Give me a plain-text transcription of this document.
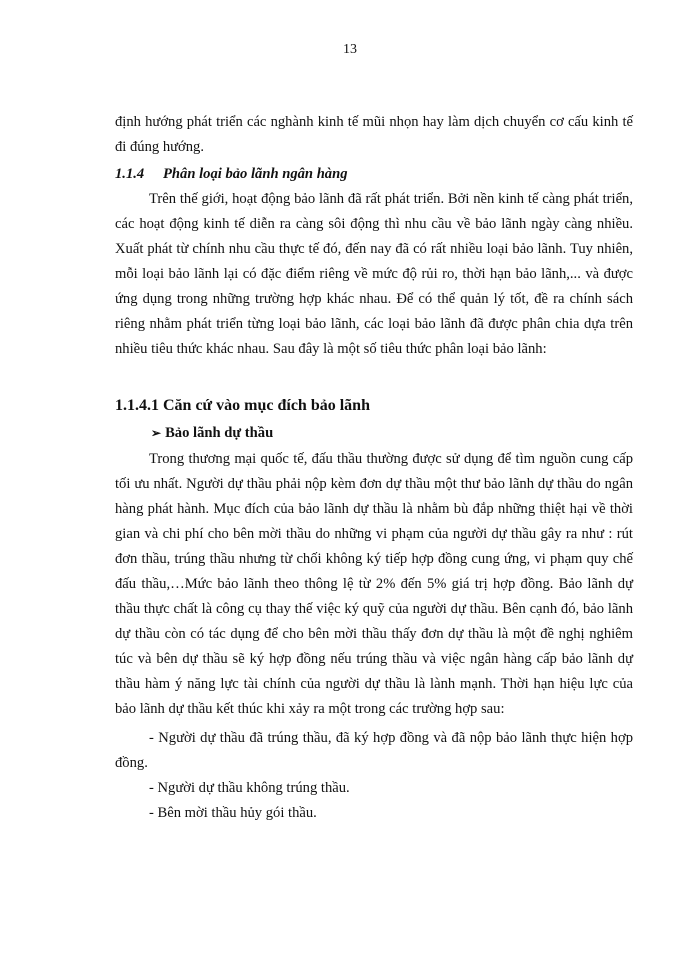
13

định hướng phát triển các nghành kinh tế mũi nhọn hay làm dịch chuyển cơ cấu kinh tế đi đúng hướng.

1.1.4 Phân loại bảo lãnh ngân hàng

Trên thế giới, hoạt động bảo lãnh đã rất phát triển. Bởi nền kinh tế càng phát triển, các hoạt động kinh tế diễn ra càng sôi động thì nhu cầu về bảo lãnh ngày càng nhiều. Xuất phát từ chính nhu cầu thực tế đó, đến nay đã có rất nhiều loại bảo lãnh. Tuy nhiên, mỗi loại bảo lãnh lại có đặc điểm riêng về mức độ rủi ro, thời hạn bảo lãnh,... và được ứng dụng trong những trường hợp khác nhau. Để có thể quản lý tốt, đề ra chính sách riêng nhằm phát triển từng loại bảo lãnh, các loại bảo lãnh đã được phân chia dựa trên nhiều tiêu thức khác nhau. Sau đây là một số tiêu thức phân loại bảo lãnh:

1.1.4.1 Căn cứ vào mục đích bảo lãnh

➢ Bảo lãnh dự thầu

Trong thương mại quốc tế, đấu thầu thường được sử dụng để tìm nguồn cung cấp tối ưu nhất. Người dự thầu phải nộp kèm đơn dự thầu một thư bảo lãnh dự thầu do ngân hàng phát hành. Mục đích của bảo lãnh dự thầu là nhằm bù đắp những thiệt hại về thời gian và chi phí cho bên mời thầu do những vi phạm của người dự thầu gây ra như : rút đơn thầu, trúng thầu nhưng từ chối không ký tiếp hợp đồng cung ứng, vi phạm quy chế đấu thầu,…Mức bảo lãnh theo thông lệ từ 2% đến 5% giá trị hợp đồng. Bảo lãnh dự thầu thực chất là công cụ thay thế việc ký quỹ của người dự thầu. Bên cạnh đó, bảo lãnh dự thầu còn có tác dụng để cho bên mời thầu thấy đơn dự thầu là một đề nghị nghiêm túc và bên dự thầu sẽ ký hợp đồng nếu trúng thầu và việc ngân hàng cấp bảo lãnh dự thầu hàm ý năng lực tài chính của người dự thầu là lành mạnh. Thời hạn hiệu lực của bảo lãnh dự thầu kết thúc khi xảy ra một trong các trường hợp sau:

- Người dự thầu đã trúng thầu, đã ký hợp đồng và đã nộp bảo lãnh thực hiện hợp đồng.

- Người dự thầu không trúng thầu.

- Bên mời thầu hủy gói thầu.
